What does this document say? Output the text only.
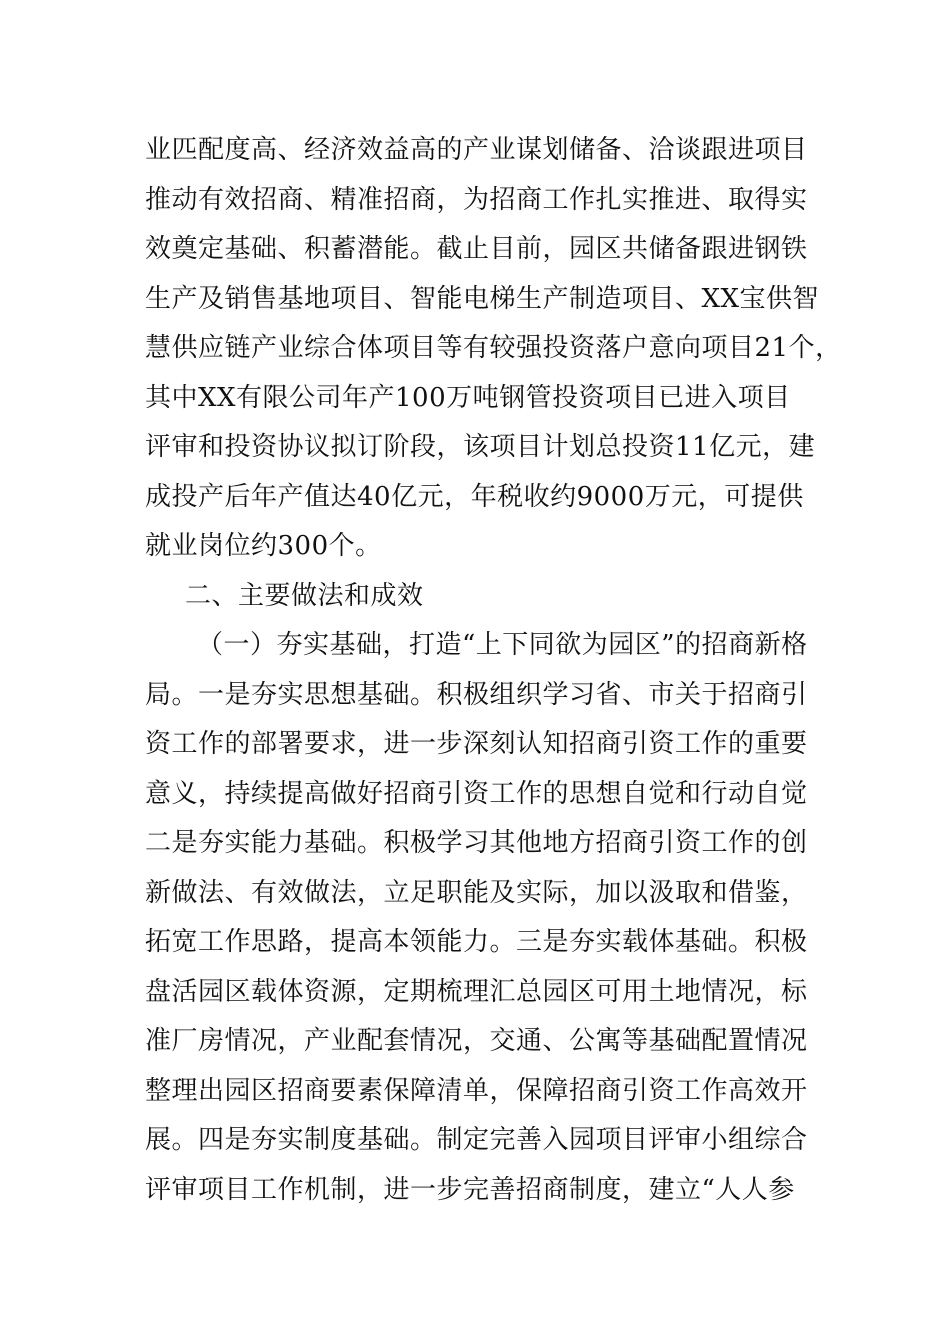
业匹配度高、经济效益高的产业谋划储备、洽谈跟进项目
推动有效招商、精准招商，为招商工作扎实推进、取得实
效奠定基础、积蓄潜能。截止目前，园区共储备跟进钢铁
生产及销售基地项目、智能电梯生产制造项目、XX宝供智
慧供应链产业综合体项目等有较强投资落户意向项目21个，
其中XX有限公司年产100万吨钢管投资项目已进入项目
评审和投资协议拟订阶段，该项目计划总投资11亿元，建
成投产后年产值达40亿元，年税收约9000万元，可提供
就业岗位约300个。
二、主要做法和成效
（一）夯实基础，打造“上下同欲为园区”的招商新格
局。一是夯实思想基础。积极组织学习省、市关于招商引
资工作的部署要求，进一步深刻认知招商引资工作的重要
意义，持续提高做好招商引资工作的思想自觉和行动自觉
二是夯实能力基础。积极学习其他地方招商引资工作的创
新做法、有效做法，立足职能及实际，加以汲取和借鉴，
拓宽工作思路，提高本领能力。三是夯实载体基础。积极
盘活园区载体资源，定期梳理汇总园区可用土地情况，标
准厂房情况，产业配套情况，交通、公寓等基础配置情况
整理出园区招商要素保障清单，保障招商引资工作高效开
展。四是夯实制度基础。制定完善入园项目评审小组综合
评审项目工作机制，进一步完善招商制度，建立“人人参
